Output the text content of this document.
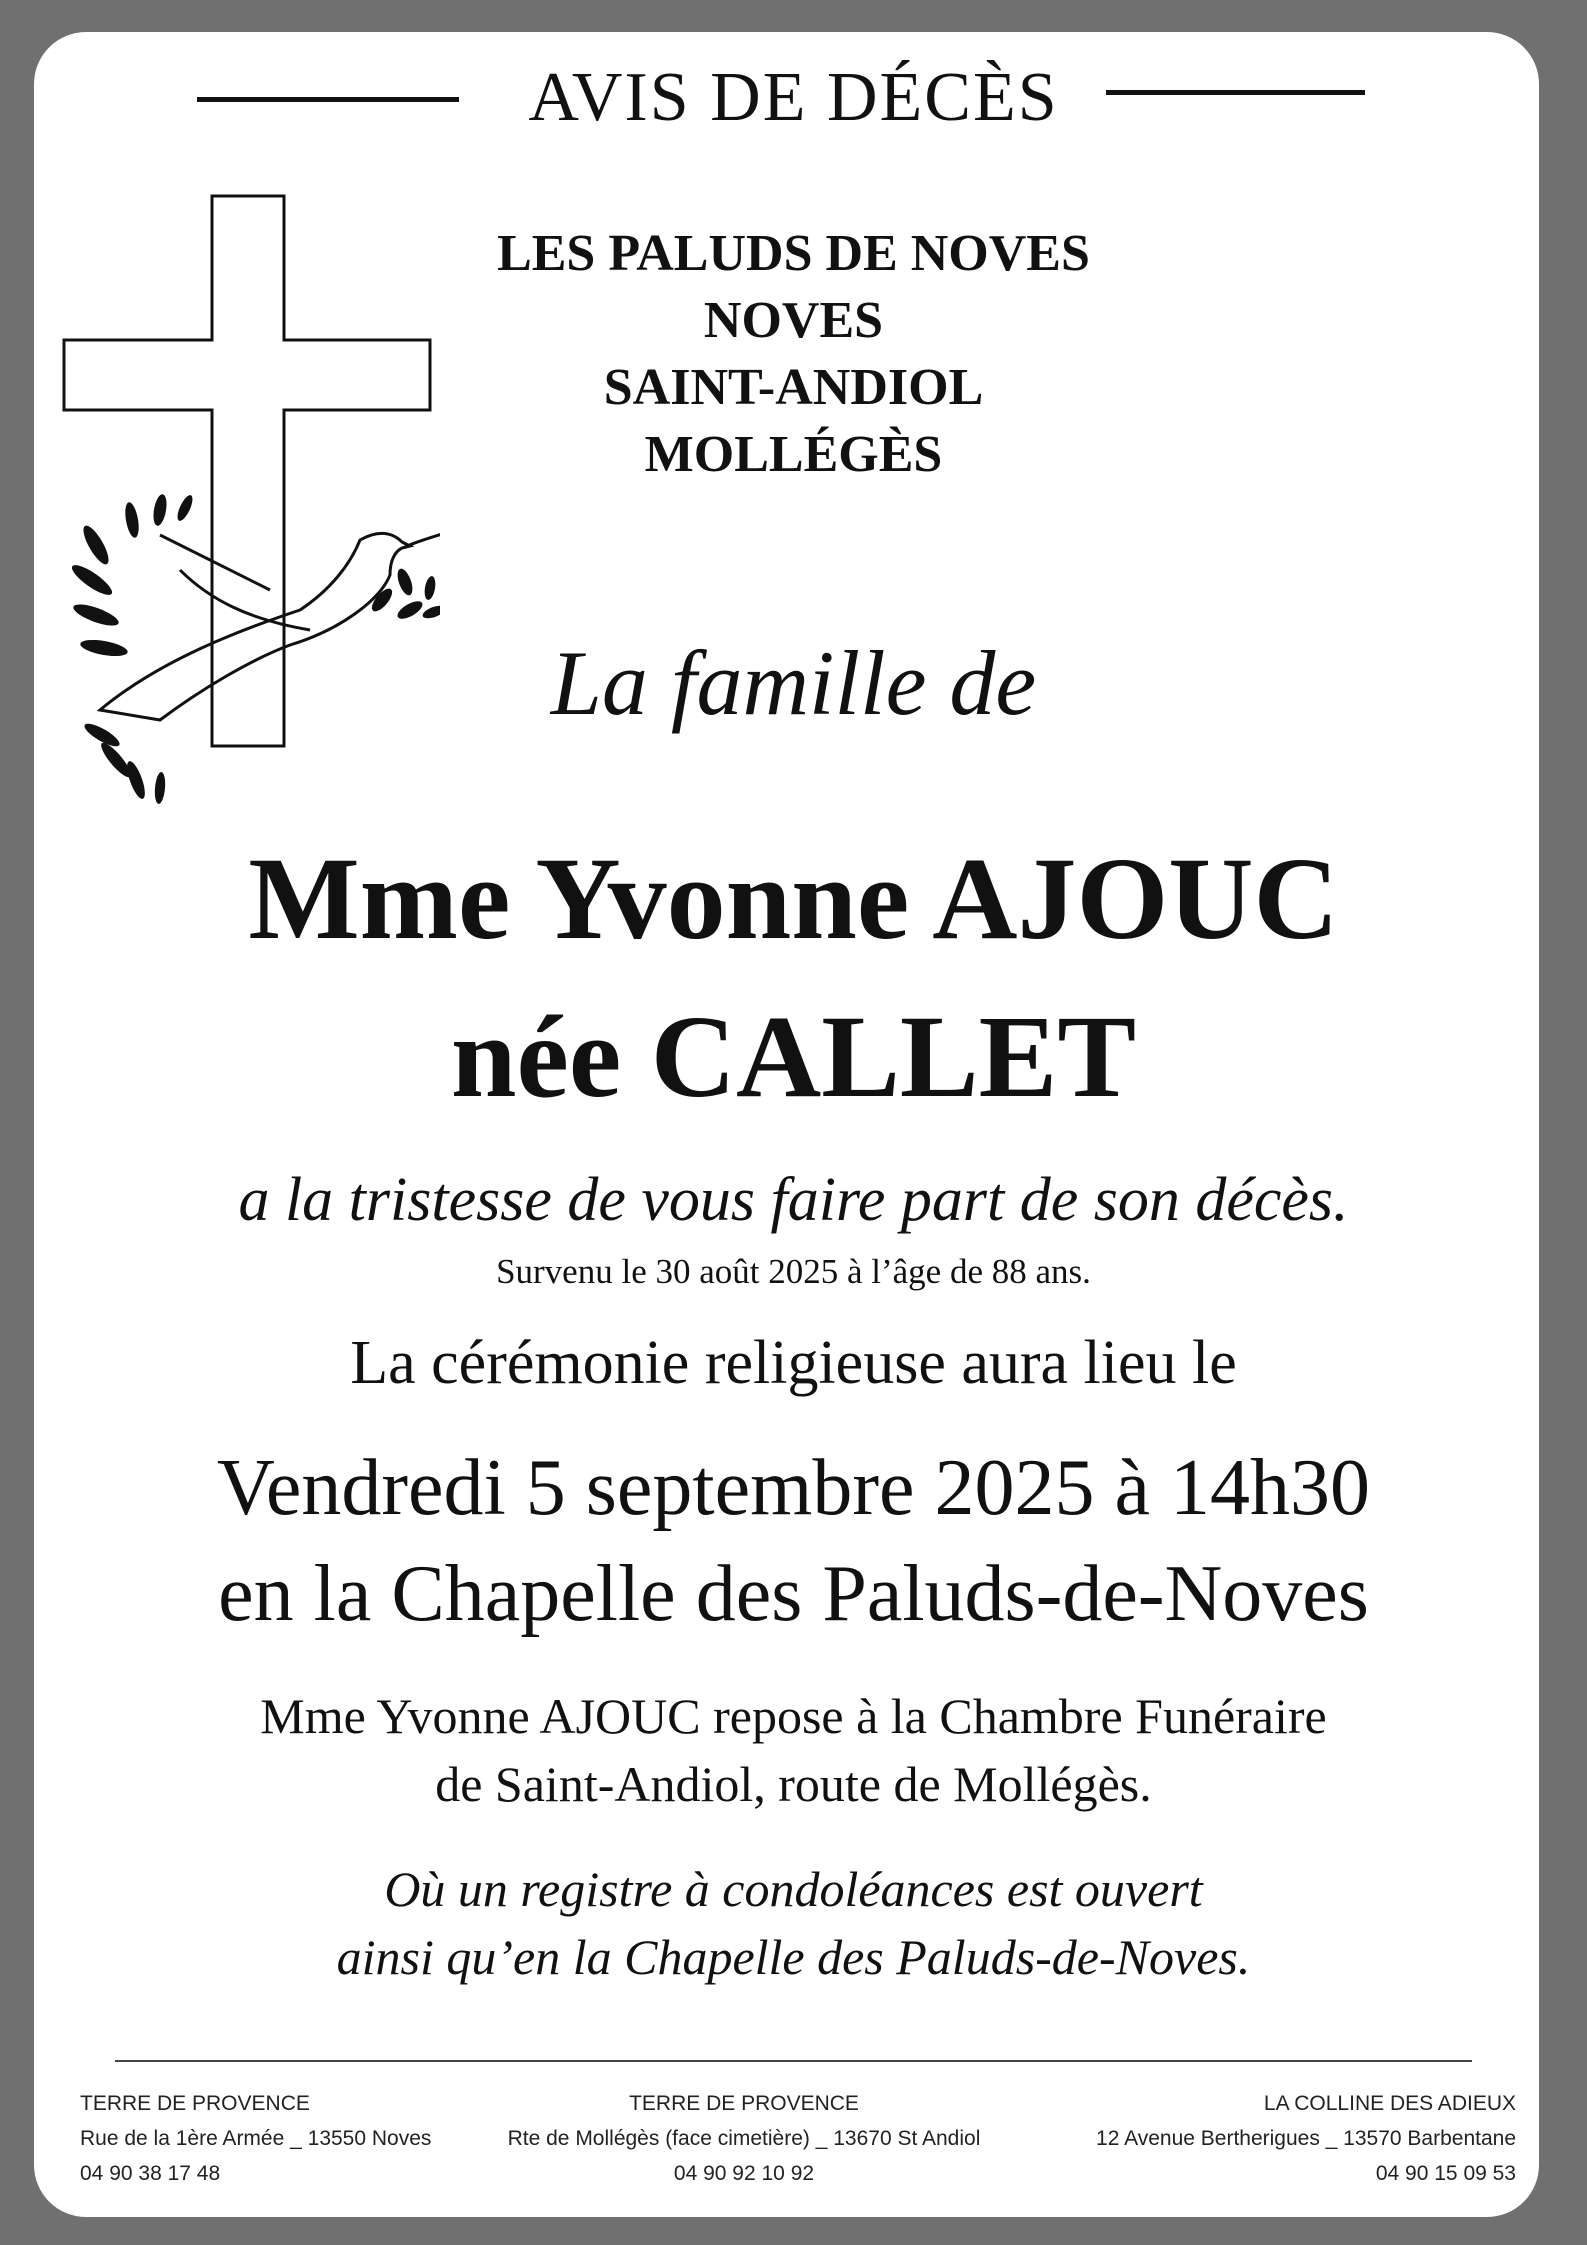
AVIS DE DÉCÈS
LES PALUDS DE NOVES
NOVES
SAINT-ANDIOL
MOLLÉGÈS
La famille de
Mme Yvonne AJOUC
née CALLET
a la tristesse de vous faire part de son décès.
Survenu le 30 août 2025 à l’âge de 88 ans.
La cérémonie religieuse aura lieu le
Vendredi 5 septembre 2025 à 14h30
en la Chapelle des Paluds-de-Noves
Mme Yvonne AJOUC repose à la Chambre Funéraire
de Saint-Andiol, route de Mollégès.
Où un registre à condoléances est ouvert
ainsi qu’en la Chapelle des Paluds-de-Noves.
TERRE DE PROVENCE
Rue de la 1ère Armée _ 13550 Noves
04 90 38 17 48
TERRE DE PROVENCE
Rte de Mollégès (face cimetière) _ 13670 St Andiol
04 90 92 10 92
LA COLLINE DES ADIEUX
12 Avenue Bertherigues _ 13570 Barbentane
04 90 15 09 53
